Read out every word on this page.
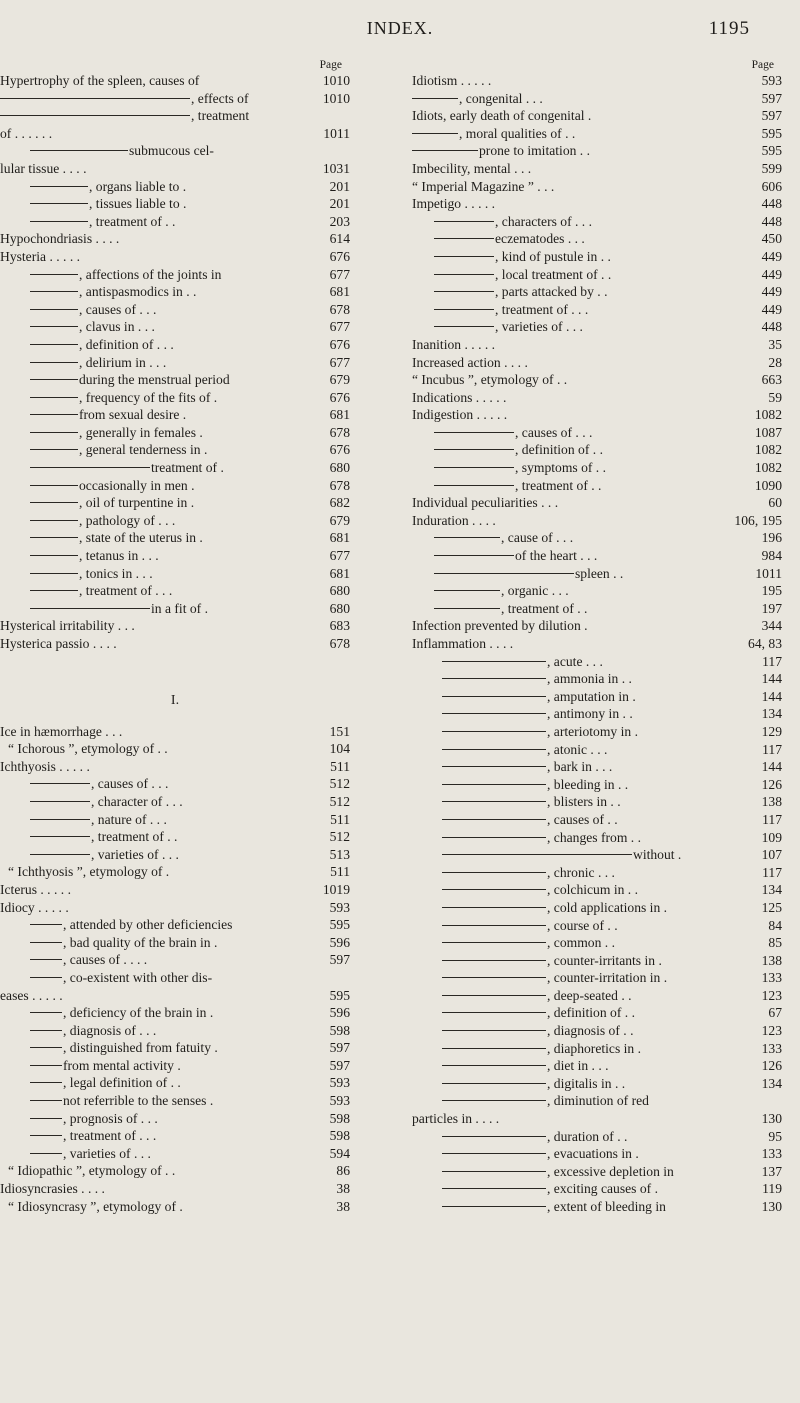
INDEX.	1195
Page
Hypertrophy of the spleen, causes of	1010
, effects of	1010
, treatment
of . . . . . .	1011
submucous cel-
lular tissue . . . .	1031
, organs liable to .	201
, tissues liable to .	201
, treatment of . .	203
Hypochondriasis . . . .	614
Hysteria . . . . .	676
, affections of the joints in	677
, antispasmodics in . .	681
, causes of . . .	678
, clavus in . . .	677
, definition of . . .	676
, delirium in . . .	677
during the menstrual period	679
, frequency of the fits of .	676
from sexual desire .	681
, generally in females .	678
, general tenderness in .	676
treatment of .	680
occasionally in men .	678
, oil of turpentine in .	682
, pathology of . . .	679
, state of the uterus in .	681
, tetanus in . . .	677
, tonics in . . .	681
, treatment of . . .	680
in a fit of .	680
Hysterical irritability . . .	683
Hysterica passio . . . .	678
I.
Ice in hæmorrhage . . .	151
“ Ichorous ”, etymology of . .	104
Ichthyosis . . . . .	511
, causes of . . .	512
, character of . . .	512
, nature of . . .	511
, treatment of . .	512
, varieties of . . .	513
“ Ichthyosis ”, etymology of .	511
Icterus . . . . .	1019
Idiocy . . . . .	593
, attended by other deficiencies	595
, bad quality of the brain in .	596
, causes of . . . .	597
, co-existent with other dis-
eases . . . . .	595
, deficiency of the brain in .	596
, diagnosis of . . .	598
, distinguished from fatuity .	597
from mental activity .	597
, legal definition of . .	593
not referrible to the senses .	593
, prognosis of . . .	598
, treatment of . . .	598
, varieties of . . .	594
“ Idiopathic ”, etymology of . .	86
Idiosyncrasies . . . .	38
“ Idiosyncrasy ”, etymology of .	38
Page
Idiotism . . . . .	593
, congenital . . .	597
Idiots, early death of congenital .	597
, moral qualities of . .	595
prone to imitation . .	595
Imbecility, mental . . .	599
“ Imperial Magazine ” . . .	606
Impetigo . . . . .	448
, characters of . . .	448
eczematodes . . .	450
, kind of pustule in . .	449
, local treatment of . .	449
, parts attacked by . .	449
, treatment of . . .	449
, varieties of . . .	448
Inanition . . . . .	35
Increased action . . . .	28
“ Incubus ”, etymology of . .	663
Indications . . . . .	59
Indigestion . . . . .	1082
, causes of . . .	1087
, definition of . .	1082
, symptoms of . .	1082
, treatment of . .	1090
Individual peculiarities . . .	60
Induration . . . .	106, 195
, cause of . . .	196
of the heart . . .	984
spleen . .	1011
, organic . . .	195
, treatment of . .	197
Infection prevented by dilution .	344
Inflammation . . . .	64, 83
, acute . . .	117
, ammonia in . .	144
, amputation in .	144
, antimony in . .	134
, arteriotomy in .	129
, atonic . . .	117
, bark in . . .	144
, bleeding in . .	126
, blisters in . .	138
, causes of . .	117
, changes from . .	109
without .	107
, chronic . . .	117
, colchicum in . .	134
, cold applications in .	125
, course of . .	84
, common . .	85
, counter-irritants in .	138
, counter-irritation in .	133
, deep-seated . .	123
, definition of . .	67
, diagnosis of . .	123
, diaphoretics in .	133
, diet in . . .	126
, digitalis in . .	134
, diminution of red
particles in . . . .	130
, duration of . .	95
, evacuations in .	133
, excessive depletion in	137
, exciting causes of .	119
, extent of bleeding in	130
